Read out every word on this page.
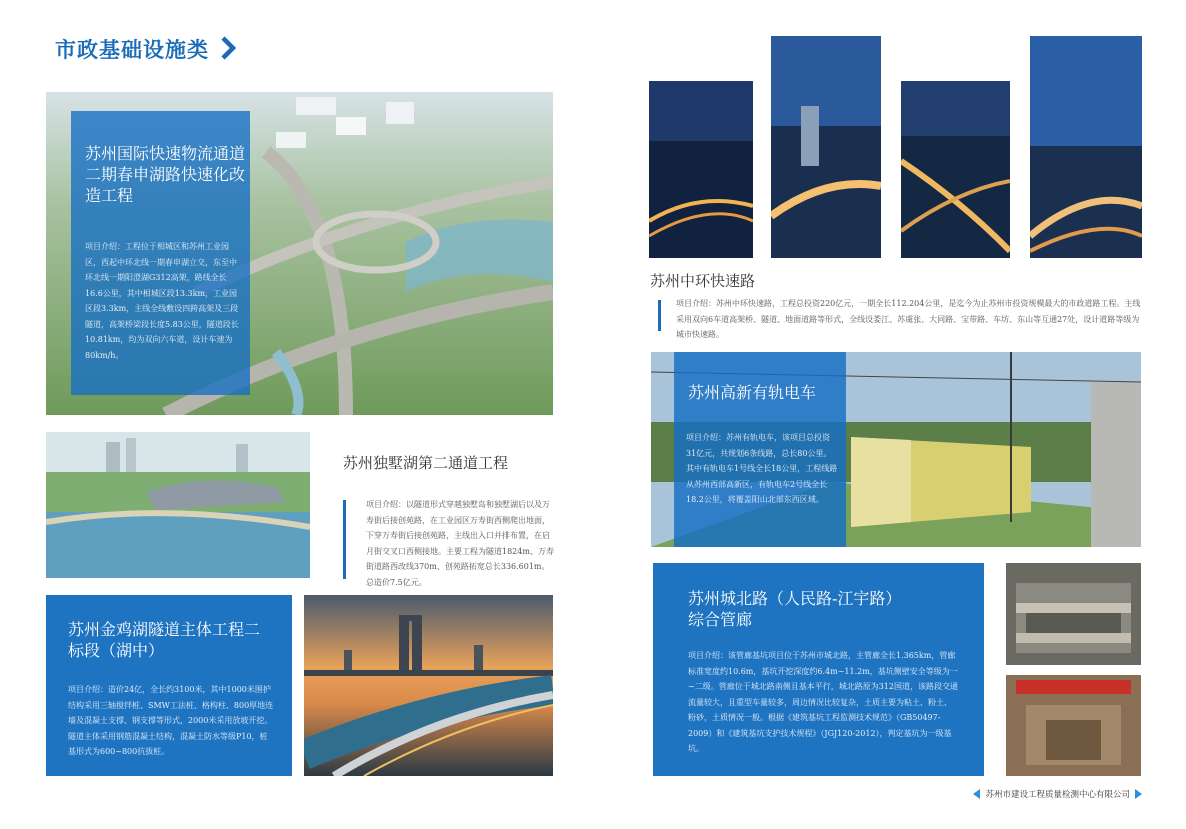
市政基础设施类
苏州国际快速物流通道二期春申湖路快速化改造工程
项目介绍：工程位于相城区和苏州工业园区，西起中环北线一期春申湖立交，东至中环北线一期阳澄湖G312高架，路线全长16.6公里，其中相城区段13.3km，工业园区段3.3km，主线全线敷设四跨高架及三段隧道，高架桥梁段长度5.83公里，隧道段长10.81km，均为双向六车道，设计车速为80km/h。
苏州独墅湖第二通道工程
项目介绍：以隧道形式穿越独墅岛和独墅湖后以及万寿街后接创苑路，在工业园区万寿街西侧爬出地面，下穿万寿街后接创苑路，主线出入口并排布置，在启月街交叉口西侧接地。主要工程为隧道1824m、万寿街道路西改线370m、创苑路拓宽总长336.601m。总造价7.5亿元。
苏州金鸡湖隧道主体工程二标段（湖中）
项目介绍：造价24亿，全长约3100米，其中1000米围护结构采用三轴搅拌桩、SMW工法桩、格构柱、800厚地连墙及混凝土支撑、钢支撑等形式，2000米采用放坡开挖。隧道主体采用钢筋混凝土结构，混凝土防水等级P10，桩基形式为600~800抗拔桩。
苏州中环快速路
项目介绍：苏州中环快速路，工程总投资220亿元，一期全长112.204公里，是迄今为止苏州市投资规模最大的市政道路工程。主线采用双向6车道高架桥、隧道、地面道路等形式，全线设娄江、苏虞张、大同路、宝带路、车坊、东山等互通27处，设计道路等级为城市快速路。
苏州高新有轨电车
项目介绍：苏州有轨电车，该项目总投资31亿元，共规划6条线路，总长80公里。其中有轨电车1号线全长18公里，工程线路从苏州西部高新区，有轨电车2号线全长18.2公里，将覆盖阳山北部东西区域。
苏州城北路（人民路-江宇路）综合管廊
项目介绍：该管廊基坑项目位于苏州市城北路，主管廊全长1.365km，管廊标准宽度约10.6m，基坑开挖深度约6.4m~11.2m，基坑侧壁安全等级为一~二级。管廊位于城北路南侧且基本平行，城北路原为312国道，该路段交通流量较大，且重型车量较多，周边情况比较复杂，土质主要为粘土、粉土、粉砂，土质情况一般。根据《建筑基坑工程监测技术规范》（GB50497-2009）和《建筑基坑支护技术规程》（JGJ120-2012），判定基坑为一级基坑。
苏州市建设工程质量检测中心有限公司
